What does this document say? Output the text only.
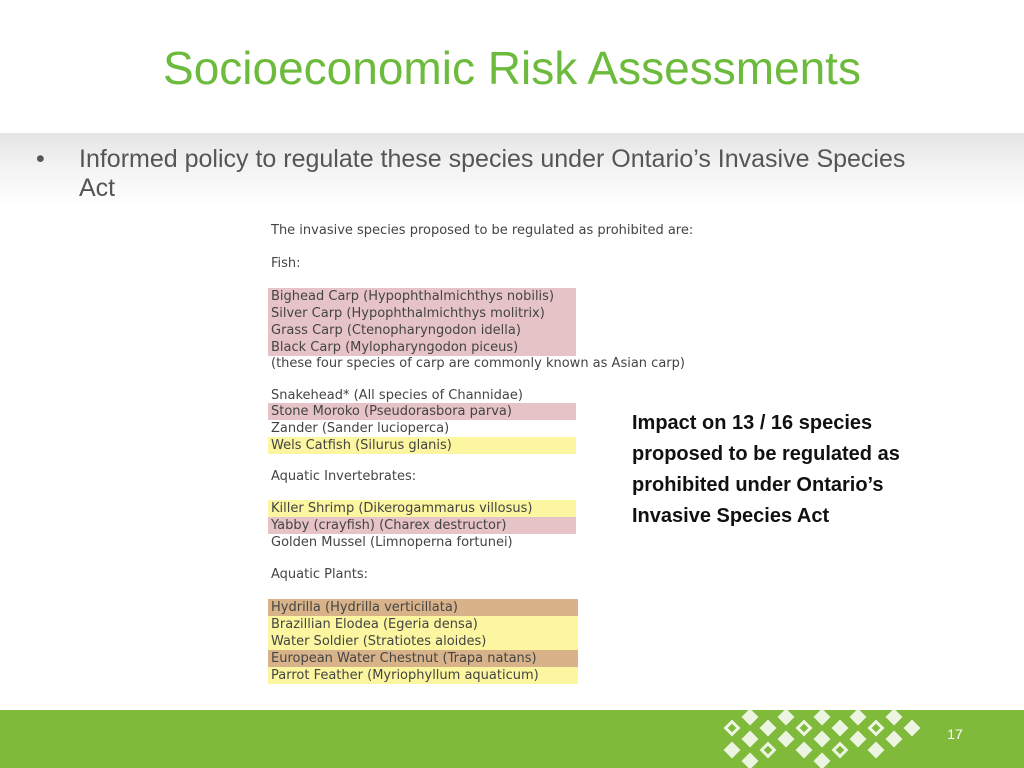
Socioeconomic Risk Assessments
• Informed policy to regulate these species under Ontario’s Invasive Species Act
The invasive species proposed to be regulated as prohibited are:
Fish:
Bighead Carp (Hypophthalmichthys nobilis)
Silver Carp (Hypophthalmichthys molitrix)
Grass Carp (Ctenopharyngodon idella)
Black Carp (Mylopharyngodon piceus)
(these four species of carp are commonly known as Asian carp)
Snakehead* (All species of Channidae)
Stone Moroko (Pseudorasbora parva)
Zander (Sander lucioperca)
Wels Catfish (Silurus glanis)
Aquatic Invertebrates:
Killer Shrimp (Dikerogammarus villosus)
Yabby (crayfish) (Charex destructor)
Golden Mussel (Limnoperna fortunei)
Aquatic Plants:
Hydrilla (Hydrilla verticillata)
Brazillian Elodea (Egeria densa)
Water Soldier (Stratiotes aloides)
European Water Chestnut (Trapa natans)
Parrot Feather (Myriophyllum aquaticum)
Impact on 13 / 16 species proposed to be regulated as prohibited under Ontario’s Invasive Species Act
17
